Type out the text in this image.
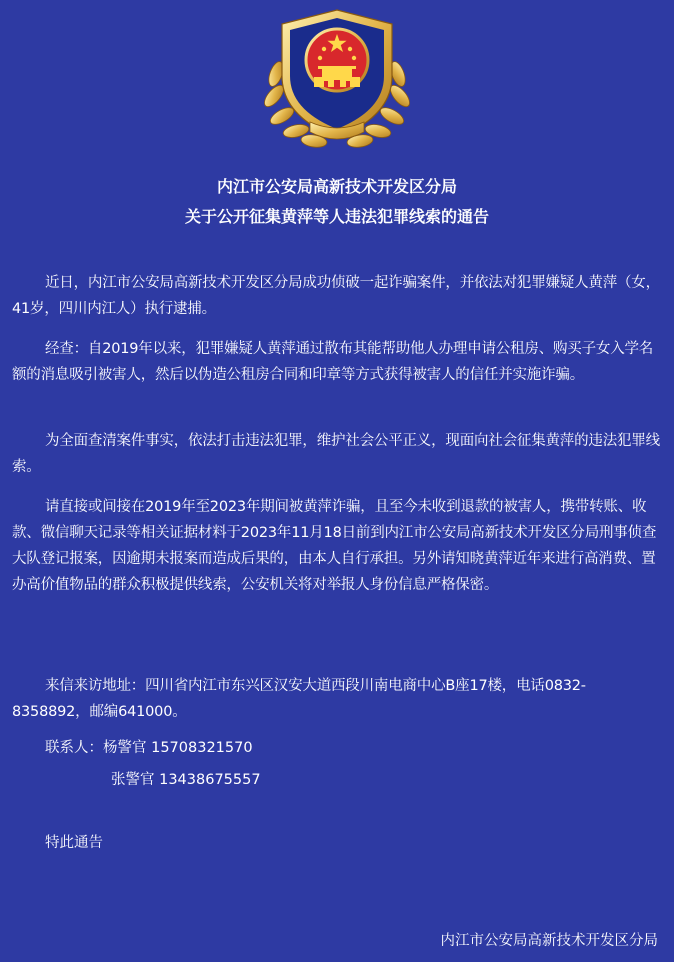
内江市公安局高新技术开发区分局
关于公开征集黄萍等人违法犯罪线索的通告

近日，内江市公安局高新技术开发区分局成功侦破一起诈骗案件，并依法对犯罪嫌疑人黄萍（女，41岁，四川内江人）执行逮捕。

经查：自2019年以来，犯罪嫌疑人黄萍通过散布其能帮助他人办理申请公租房、购买子女入学名额的消息吸引被害人，然后以伪造公租房合同和印章等方式获得被害人的信任并实施诈骗。

为全面查清案件事实，依法打击违法犯罪，维护社会公平正义，现面向社会征集黄萍的违法犯罪线索。

请直接或间接在2019年至2023年期间被黄萍诈骗，且至今未收到退款的被害人，携带转账、收款、微信聊天记录等相关证据材料于2023年11月18日前到内江市公安局高新技术开发区分局刑事侦查大队登记报案，因逾期未报案而造成后果的，由本人自行承担。另外请知晓黄萍近年来进行高消费、置办高价值物品的群众积极提供线索，公安机关将对举报人身份信息严格保密。

来信来访地址：四川省内江市东兴区汉安大道西段川南电商中心B座17楼，电话0832-8358892，邮编641000。

联系人：杨警官 15708321570
张警官 13438675557
特此通告
内江市公安局高新技术开发区分局
